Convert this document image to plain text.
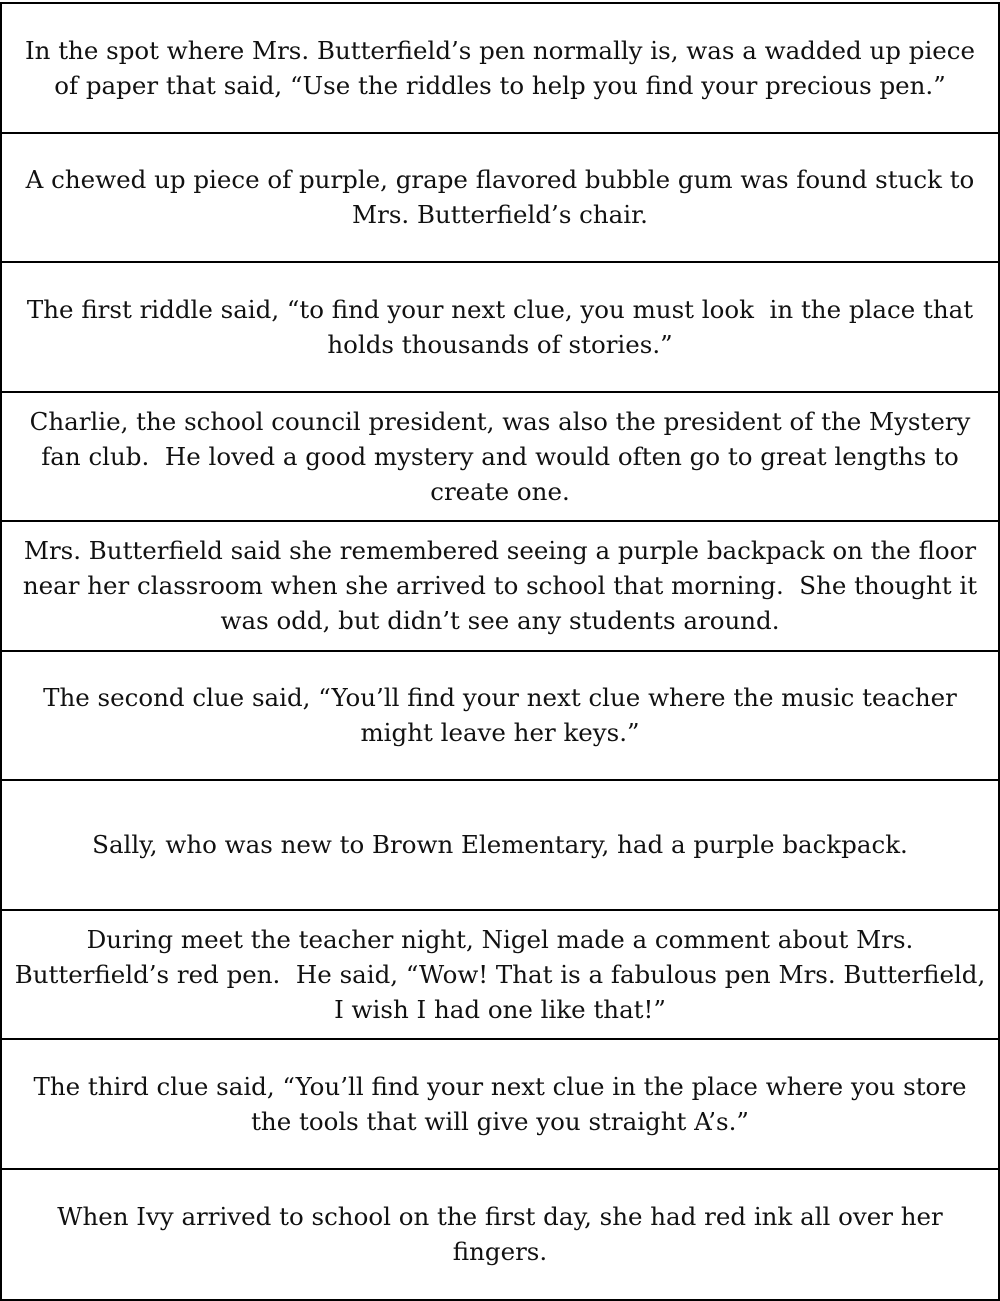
In the spot where Mrs. Butterfield’s pen normally is, was a wadded up piece of paper that said, “Use the riddles to help you find your precious pen.”
A chewed up piece of purple, grape flavored bubble gum was found stuck to Mrs. Butterfield’s chair.
The first riddle said, “to find your next clue, you must look  in the place that holds thousands of stories.”
Charlie, the school council president, was also the president of the Mystery fan club.  He loved a good mystery and would often go to great lengths to create one.
Mrs. Butterfield said she remembered seeing a purple backpack on the floor near her classroom when she arrived to school that morning.  She thought it was odd, but didn’t see any students around.
The second clue said, “You’ll find your next clue where the music teacher might leave her keys.”
Sally, who was new to Brown Elementary, had a purple backpack.
During meet the teacher night, Nigel made a comment about Mrs. Butterfield’s red pen.  He said, “Wow! That is a fabulous pen Mrs. Butterfield, I wish I had one like that!”
The third clue said, “You’ll find your next clue in the place where you store the tools that will give you straight A’s.”
When Ivy arrived to school on the first day, she had red ink all over her fingers.
